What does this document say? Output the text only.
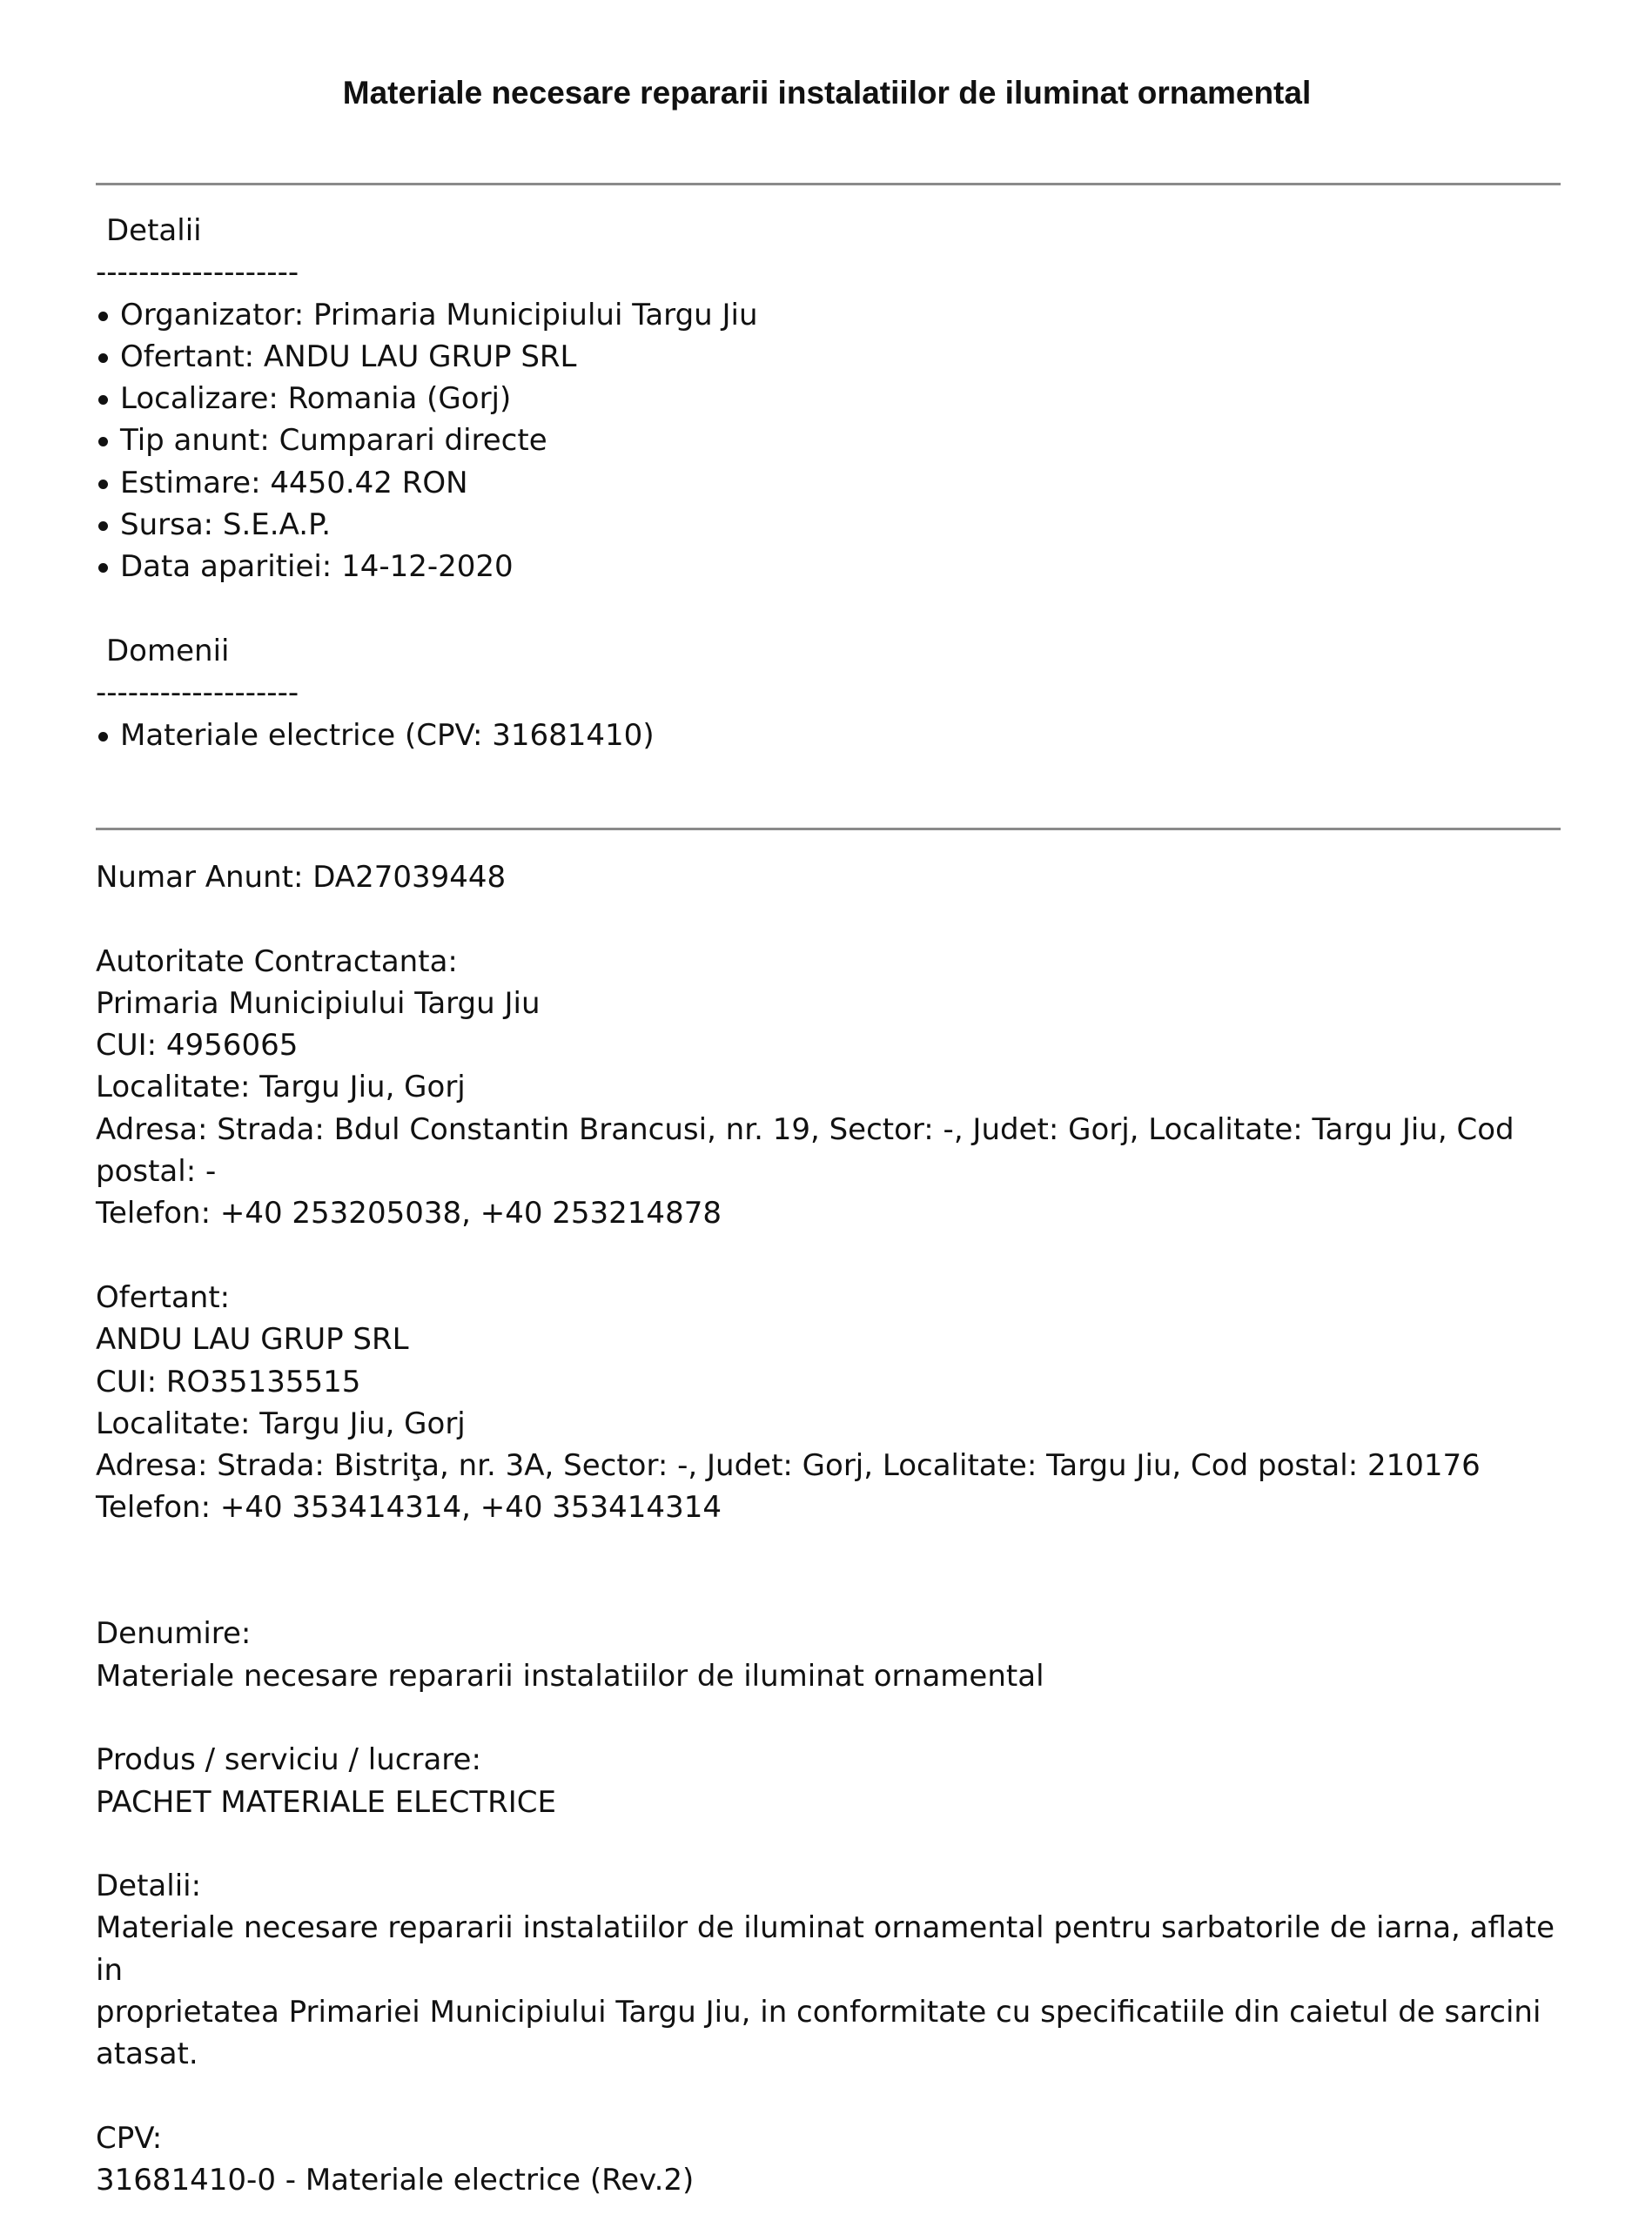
Materiale necesare repararii instalatiilor de iluminat ornamental

Detalii

-------------------

Organizator: Primaria Municipiului Targu Jiu
Ofertant: ANDU LAU GRUP SRL
Localizare: Romania (Gorj)
Tip anunt: Cumparari directe
Estimare: 4450.42 RON
Sursa: S.E.A.P.
Data aparitiei: 14-12-2020

Domenii

-------------------

Materiale electrice (CPV: 31681410)

Numar Anunt: DA27039448

Autoritate Contractanta:

Primaria Municipiului Targu Jiu

CUI: 4956065

Localitate: Targu Jiu, Gorj

Adresa: Strada: Bdul Constantin Brancusi, nr. 19, Sector: -, Judet: Gorj, Localitate: Targu Jiu, Cod

postal: -

Telefon: +40 253205038, +40 253214878

Ofertant:

ANDU LAU GRUP SRL

CUI: RO35135515

Localitate: Targu Jiu, Gorj

Adresa: Strada: Bistriţa, nr. 3A, Sector: -, Judet: Gorj, Localitate: Targu Jiu, Cod postal: 210176

Telefon: +40 353414314, +40 353414314

Denumire:

Materiale necesare repararii instalatiilor de iluminat ornamental

Produs / serviciu / lucrare:

PACHET MATERIALE ELECTRICE

Detalii:

Materiale necesare repararii instalatiilor de iluminat ornamental pentru sarbatorile de iarna, aflate in

proprietatea Primariei Municipiului Targu Jiu, in conformitate cu specificatiile din caietul de sarcini

atasat.

CPV:

31681410-0 - Materiale electrice (Rev.2)
